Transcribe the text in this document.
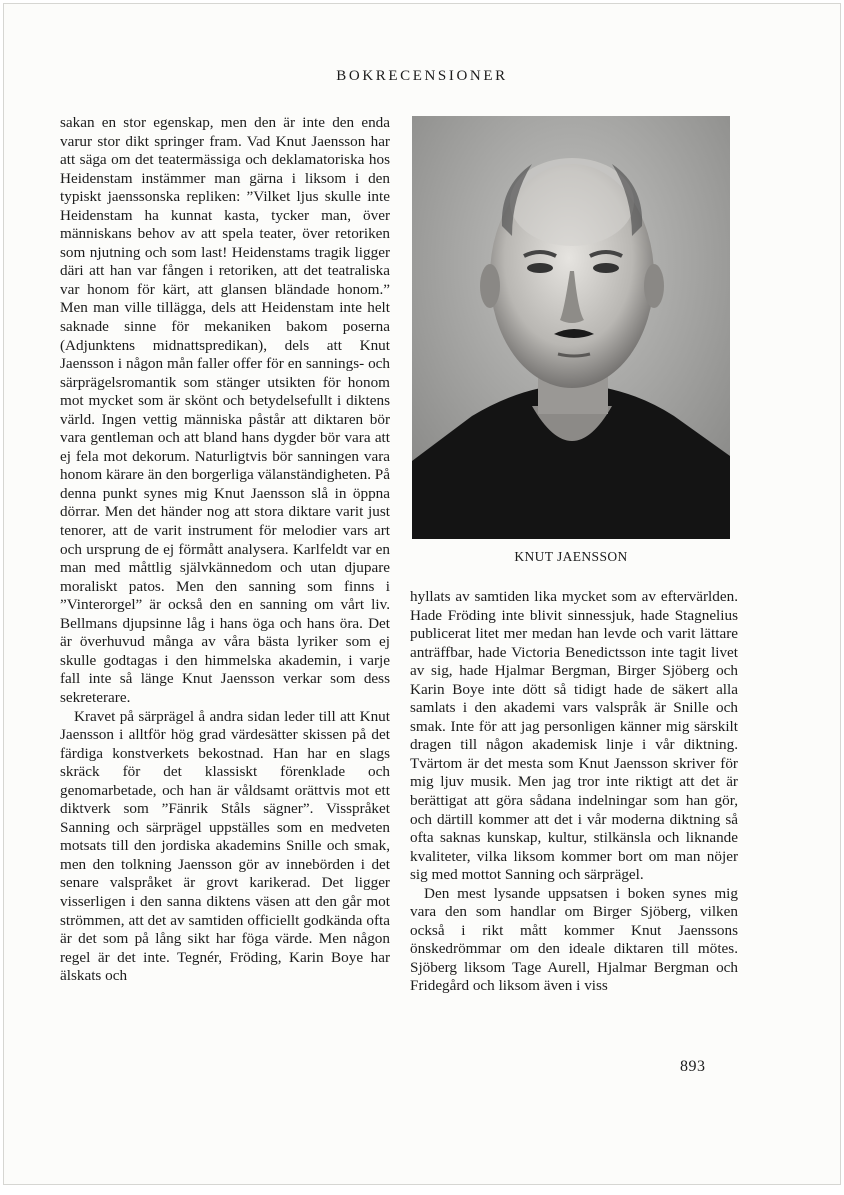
BOKRECENSIONER

sakan en stor egenskap, men den är inte den enda varur stor dikt springer fram. Vad Knut Jaensson har att säga om det teatermässiga och deklamatoriska hos Heidenstam instämmer man gärna i liksom i den typiskt jaenssonska repliken: ”Vilket ljus skulle inte Heidenstam ha kunnat kasta, tycker man, över människans behov av att spela teater, över retoriken som njutning och som last! Heidenstams tragik ligger däri att han var fången i retoriken, att det teatraliska var honom för kärt, att glansen bländade honom.” Men man ville tillägga, dels att Heidenstam inte helt saknade sinne för mekaniken bakom poserna (Adjunktens midnattspredikan), dels att Knut Jaensson i någon mån faller offer för en sannings- och särprägelsromantik som stänger utsikten för honom mot mycket som är skönt och betydelsefullt i diktens värld. Ingen vettig människa påstår att diktaren bör vara gentleman och att bland hans dygder bör vara att ej fela mot dekorum. Naturligtvis bör sanningen vara honom kärare än den borgerliga välanständigheten. På denna punkt synes mig Knut Jaensson slå in öppna dörrar. Men det händer nog att stora diktare varit just tenorer, att de varit instrument för melodier vars art och ursprung de ej förmått analysera. Karlfeldt var en man med måttlig självkännedom och utan djupare moraliskt patos. Men den sanning som finns i ”Vinterorgel” är också den en sanning om vårt liv. Bellmans djupsinne låg i hans öga och hans öra. Det är överhuvud många av våra bästa lyriker som ej skulle godtagas i den himmelska akademin, i varje fall inte så länge Knut Jaensson verkar som dess sekreterare.

Kravet på särprägel å andra sidan leder till att Knut Jaensson i alltför hög grad värdesätter skissen på det färdiga konstverkets bekostnad. Han har en slags skräck för det klassiskt förenklade och genomarbetade, och han är våldsamt orättvis mot ett diktverk som ”Fänrik Ståls sägner”. Visspråket Sanning och särprägel uppställes som en medveten motsats till den jordiska akademins Snille och smak, men den tolkning Jaensson gör av innebörden i det senare valspråket är grovt karikerad. Det ligger visserligen i den sanna diktens väsen att den går mot strömmen, att det av samtiden officiellt godkända ofta är det som på lång sikt har föga värde. Men någon regel är det inte. Tegnér, Fröding, Karin Boye har älskats och

KNUT JAENSSON

hyllats av samtiden lika mycket som av eftervärlden. Hade Fröding inte blivit sinnessjuk, hade Stagnelius publicerat litet mer medan han levde och varit lättare anträffbar, hade Victoria Benedictsson inte tagit livet av sig, hade Hjalmar Bergman, Birger Sjöberg och Karin Boye inte dött så tidigt hade de säkert alla samlats i den akademi vars valspråk är Snille och smak. Inte för att jag personligen känner mig särskilt dragen till någon akademisk linje i vår diktning. Tvärtom är det mesta som Knut Jaensson skriver för mig ljuv musik. Men jag tror inte riktigt att det är berättigat att göra sådana indelningar som han gör, och därtill kommer att det i vår moderna diktning så ofta saknas kunskap, kultur, stilkänsla och liknande kvaliteter, vilka liksom kommer bort om man nöjer sig med mottot Sanning och särprägel.

Den mest lysande uppsatsen i boken synes mig vara den som handlar om Birger Sjöberg, vilken också i rikt mått kommer Knut Jaenssons önskedrömmar om den ideale diktaren till mötes. Sjöberg liksom Tage Aurell, Hjalmar Bergman och Fridegård och liksom även i viss

893
